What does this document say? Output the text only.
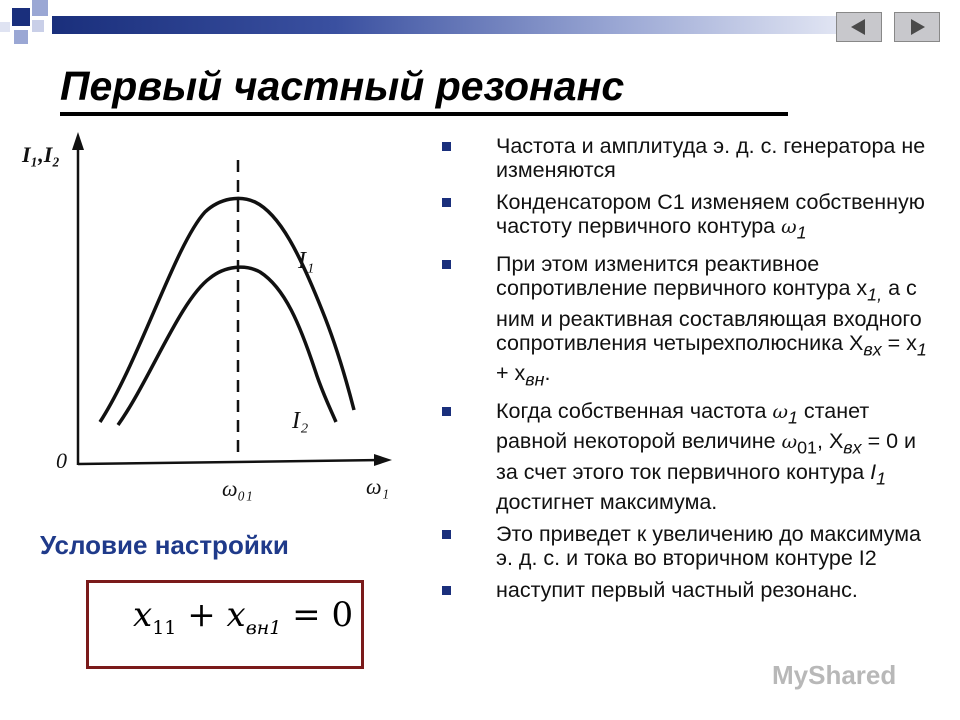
Первый частный резонанс
I₁,I₂
0
ω₀₁	ω₁
I₁
I₂

Условие настройки

$x_{11} + x_{вн1} = 0$
Частота и амплитуда э. д. с. генератора не изменяются
Конденсатором С1 изменяем собственную частоту первичного контура $\omega_1$
При этом изменится реактивное сопротивление первичного контура $х_{1,}$ а с ним и реактивная составляющая входного сопротивления четырехполюсника $Х_{вх} = х_1 + х_{вн}$.
Когда собственная частота $\omega_1$ станет равной некоторой величине $\omega_{01}$, $Х_{вх} = 0$ и за счет этого ток первичного контура $I_1$ достигнет максимума.
Это приведет к увеличению до максимума э. д. с. и тока во вторичном контуре I2
наступит первый частный резонанс.
MyShared
